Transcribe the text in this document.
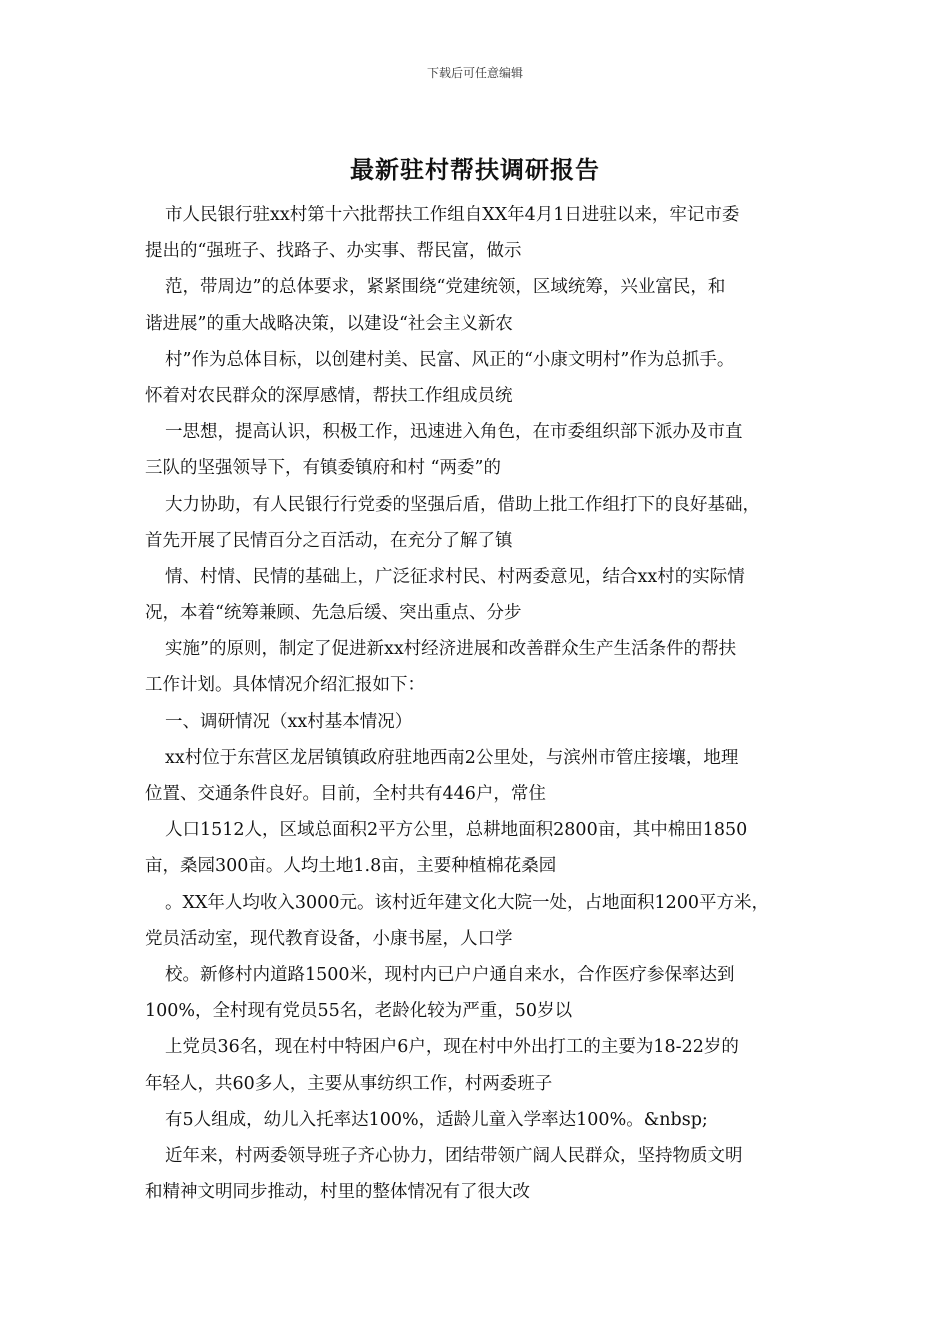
下载后可任意编辑
最新驻村帮扶调研报告
市人民银行驻xx村第十六批帮扶工作组自XX年4月1日进驻以来，牢记市委
提出的“强班子、找路子、办实事、帮民富，做示
范，带周边”的总体要求，紧紧围绕“党建统领，区域统筹，兴业富民，和
谐进展”的重大战略决策，以建设“社会主义新农
村”作为总体目标，以创建村美、民富、风正的“小康文明村”作为总抓手。
怀着对农民群众的深厚感情，帮扶工作组成员统
一思想，提高认识，积极工作，迅速进入角色，在市委组织部下派办及市直
三队的坚强领导下，有镇委镇府和村 “两委”的
大力协助，有人民银行行党委的坚强后盾，借助上批工作组打下的良好基础，
首先开展了民情百分之百活动，在充分了解了镇
情、村情、民情的基础上，广泛征求村民、村两委意见，结合xx村的实际情
况，本着“统筹兼顾、先急后缓、突出重点、分步
实施”的原则，制定了促进新xx村经济进展和改善群众生产生活条件的帮扶
工作计划。具体情况介绍汇报如下：
一、调研情况（xx村基本情况）
xx村位于东营区龙居镇镇政府驻地西南2公里处，与滨州市管庄接壤，地理
位置、交通条件良好。目前，全村共有446户，常住
人口1512人，区域总面积2平方公里，总耕地面积2800亩，其中棉田1850
亩，桑园300亩。人均土地1.8亩，主要种植棉花桑园
。XX年人均收入3000元。该村近年建文化大院一处，占地面积1200平方米，
党员活动室，现代教育设备，小康书屋，人口学
校。新修村内道路1500米，现村内已户户通自来水，合作医疗参保率达到
100%，全村现有党员55名，老龄化较为严重，50岁以
上党员36名，现在村中特困户6户，现在村中外出打工的主要为18-22岁的
年轻人，共60多人，主要从事纺织工作，村两委班子
有5人组成，幼儿入托率达100%，适龄儿童入学率达100%。&nbsp;
近年来，村两委领导班子齐心协力，团结带领广阔人民群众，坚持物质文明
和精神文明同步推动，村里的整体情况有了很大改
